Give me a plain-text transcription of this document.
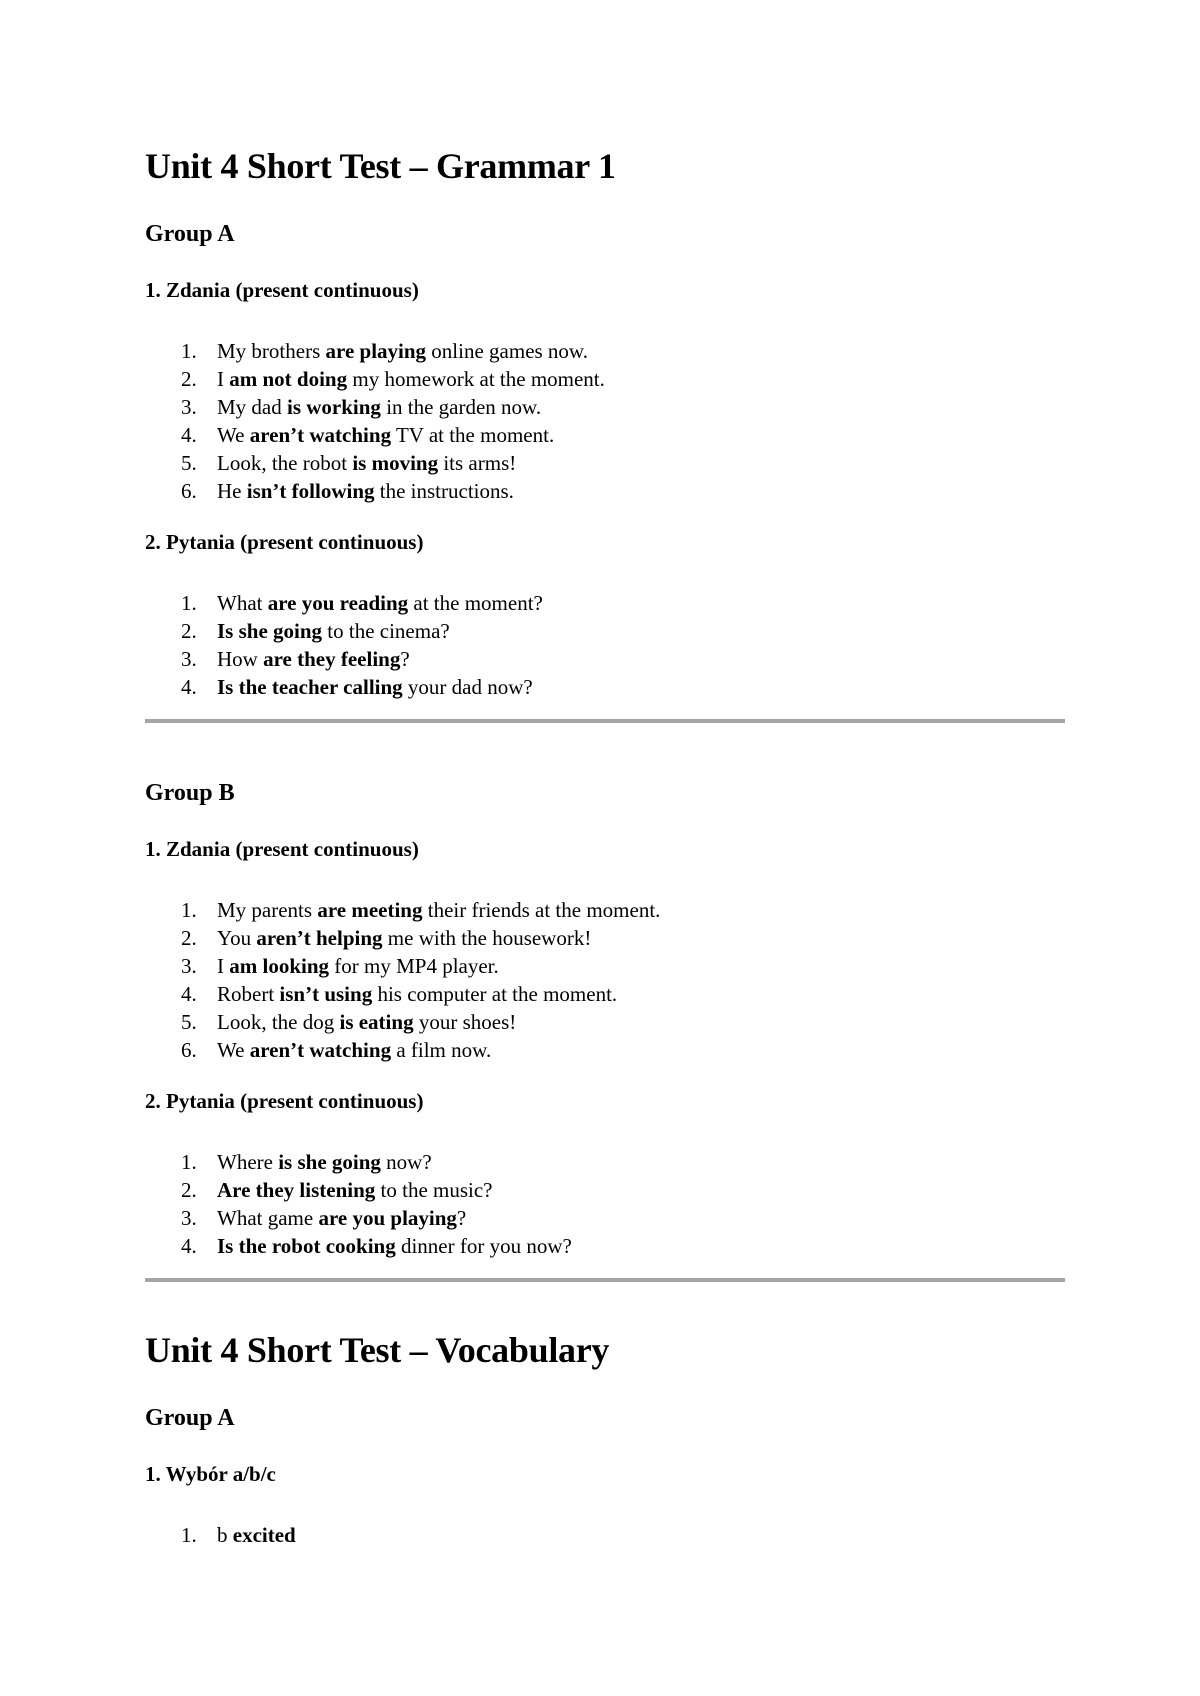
Unit 4 Short Test – Grammar 1
Group A
1. Zdania (present continuous)
1. My brothers are playing online games now.
2. I am not doing my homework at the moment.
3. My dad is working in the garden now.
4. We aren’t watching TV at the moment.
5. Look, the robot is moving its arms!
6. He isn’t following the instructions.
2. Pytania (present continuous)
1. What are you reading at the moment?
2. Is she going to the cinema?
3. How are they feeling?
4. Is the teacher calling your dad now?
Group B
1. Zdania (present continuous)
1. My parents are meeting their friends at the moment.
2. You aren’t helping me with the housework!
3. I am looking for my MP4 player.
4. Robert isn’t using his computer at the moment.
5. Look, the dog is eating your shoes!
6. We aren’t watching a film now.
2. Pytania (present continuous)
1. Where is she going now?
2. Are they listening to the music?
3. What game are you playing?
4. Is the robot cooking dinner for you now?
Unit 4 Short Test – Vocabulary
Group A
1. Wybór a/b/c
1. b excited
